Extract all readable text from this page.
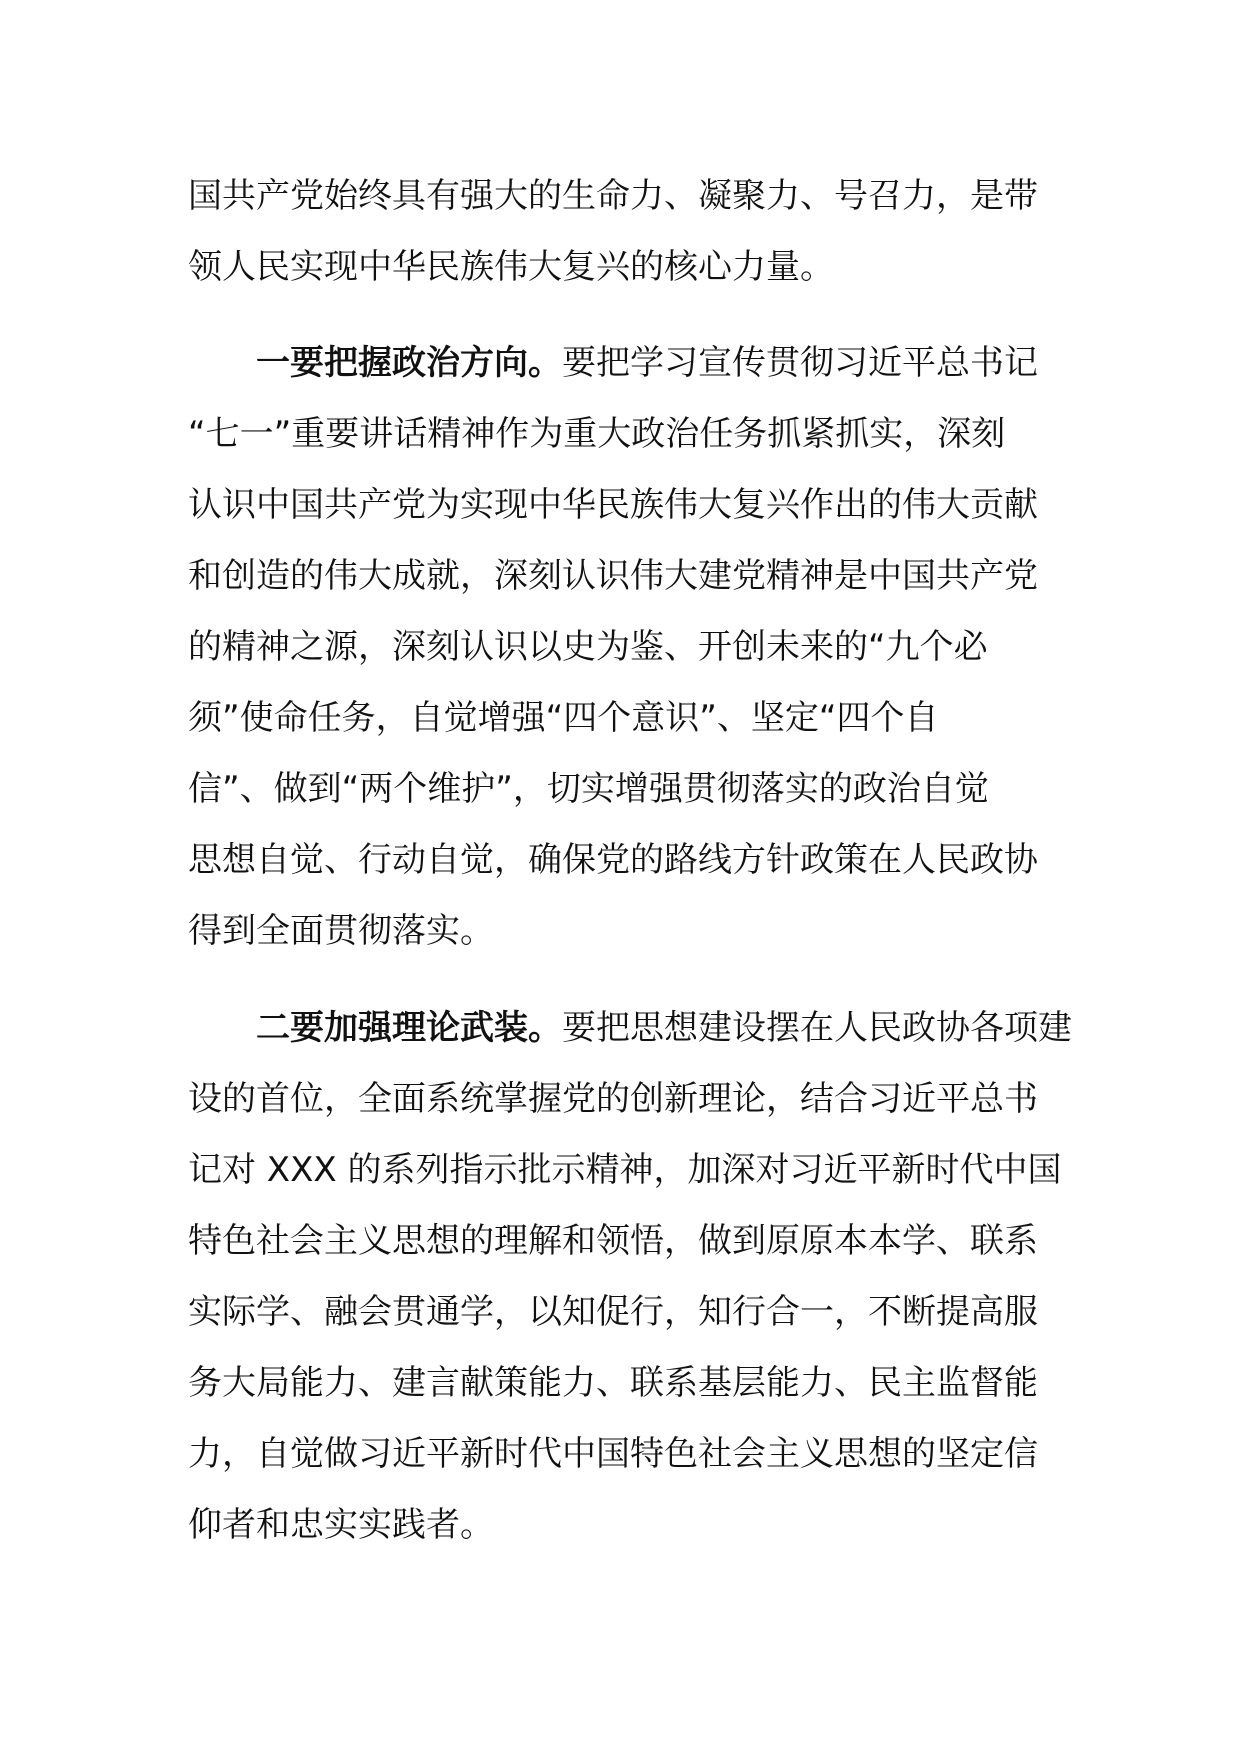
国共产党始终具有强大的生命力、凝聚力、号召力，是带
领人民实现中华民族伟大复兴的核心力量。
一要把握政治方向。要把学习宣传贯彻习近平总书记
“七一”重要讲话精神作为重大政治任务抓紧抓实，深刻
认识中国共产党为实现中华民族伟大复兴作出的伟大贡献
和创造的伟大成就，深刻认识伟大建党精神是中国共产党
的精神之源，深刻认识以史为鉴、开创未来的“九个必
须”使命任务，自觉增强“四个意识”、坚定“四个自
信”、做到“两个维护”，切实增强贯彻落实的政治自觉
思想自觉、行动自觉，确保党的路线方针政策在人民政协
得到全面贯彻落实。
二要加强理论武装。要把思想建设摆在人民政协各项建
设的首位，全面系统掌握党的创新理论，结合习近平总书
记对 XXX 的系列指示批示精神，加深对习近平新时代中国
特色社会主义思想的理解和领悟，做到原原本本学、联系
实际学、融会贯通学，以知促行，知行合一，不断提高服
务大局能力、建言献策能力、联系基层能力、民主监督能
力，自觉做习近平新时代中国特色社会主义思想的坚定信
仰者和忠实实践者。
